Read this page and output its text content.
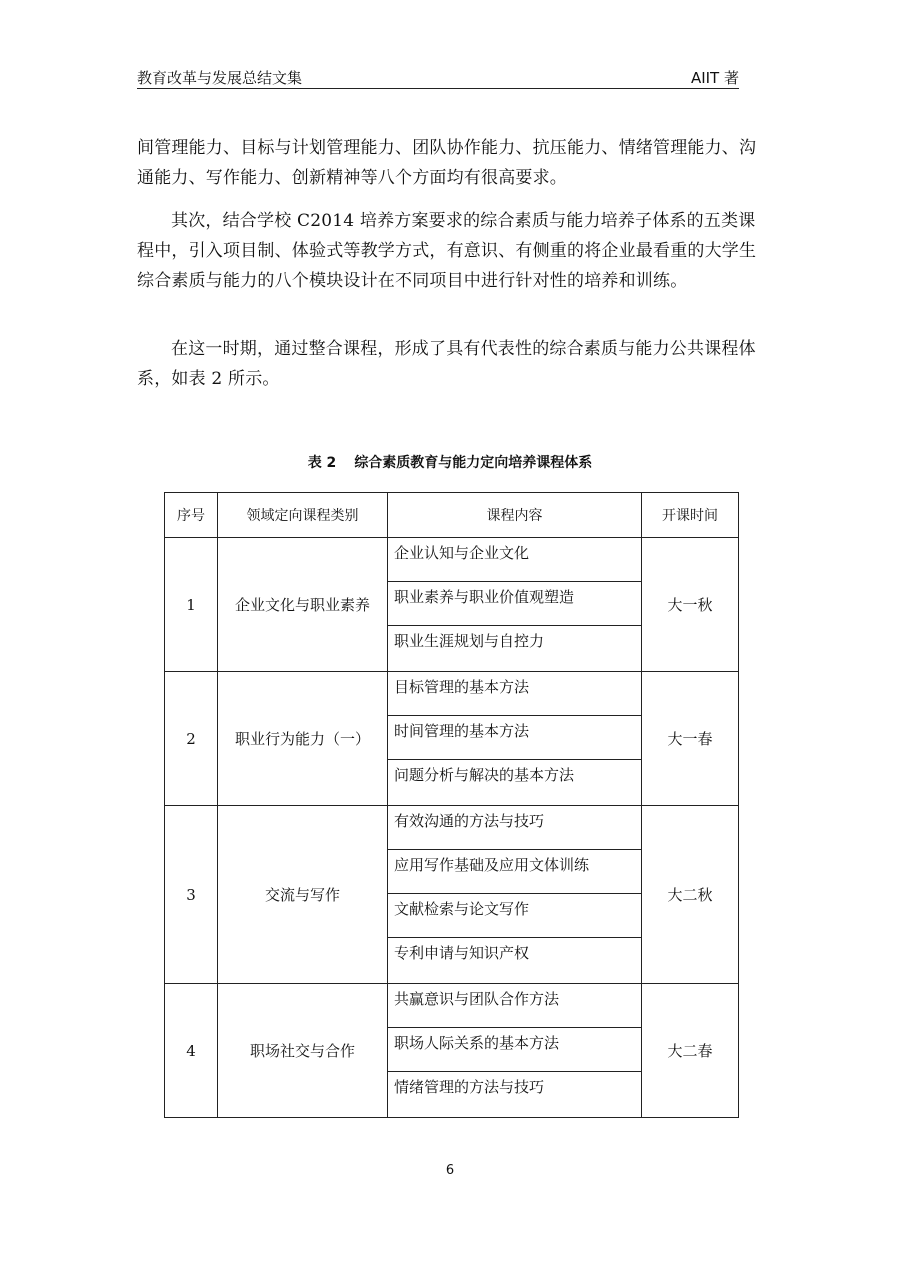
教育改革与发展总结文集	AIIT 著
间管理能力、目标与计划管理能力、团队协作能力、抗压能力、情绪管理能力、沟通能力、写作能力、创新精神等八个方面均有很高要求。
其次，结合学校 C2014 培养方案要求的综合素质与能力培养子体系的五类课程中，引入项目制、体验式等教学方式，有意识、有侧重的将企业最看重的大学生综合素质与能力的八个模块设计在不同项目中进行针对性的培养和训练。
在这一时期，通过整合课程，形成了具有代表性的综合素质与能力公共课程体系，如表 2 所示。
表 2 综合素质教育与能力定向培养课程体系
序号	领域定向课程类别	课程内容	开课时间
1	企业文化与职业素养	企业认知与企业文化
职业素养与职业价值观塑造
职业生涯规划与自控力	大一秋
2	职业行为能力（一）	目标管理的基本方法
时间管理的基本方法
问题分析与解决的基本方法	大一春
3	交流与写作	有效沟通的方法与技巧
应用写作基础及应用文体训练
文献检索与论文写作
专利申请与知识产权	大二秋
4	职场社交与合作	共赢意识与团队合作方法
职场人际关系的基本方法
情绪管理的方法与技巧	大二春
6
